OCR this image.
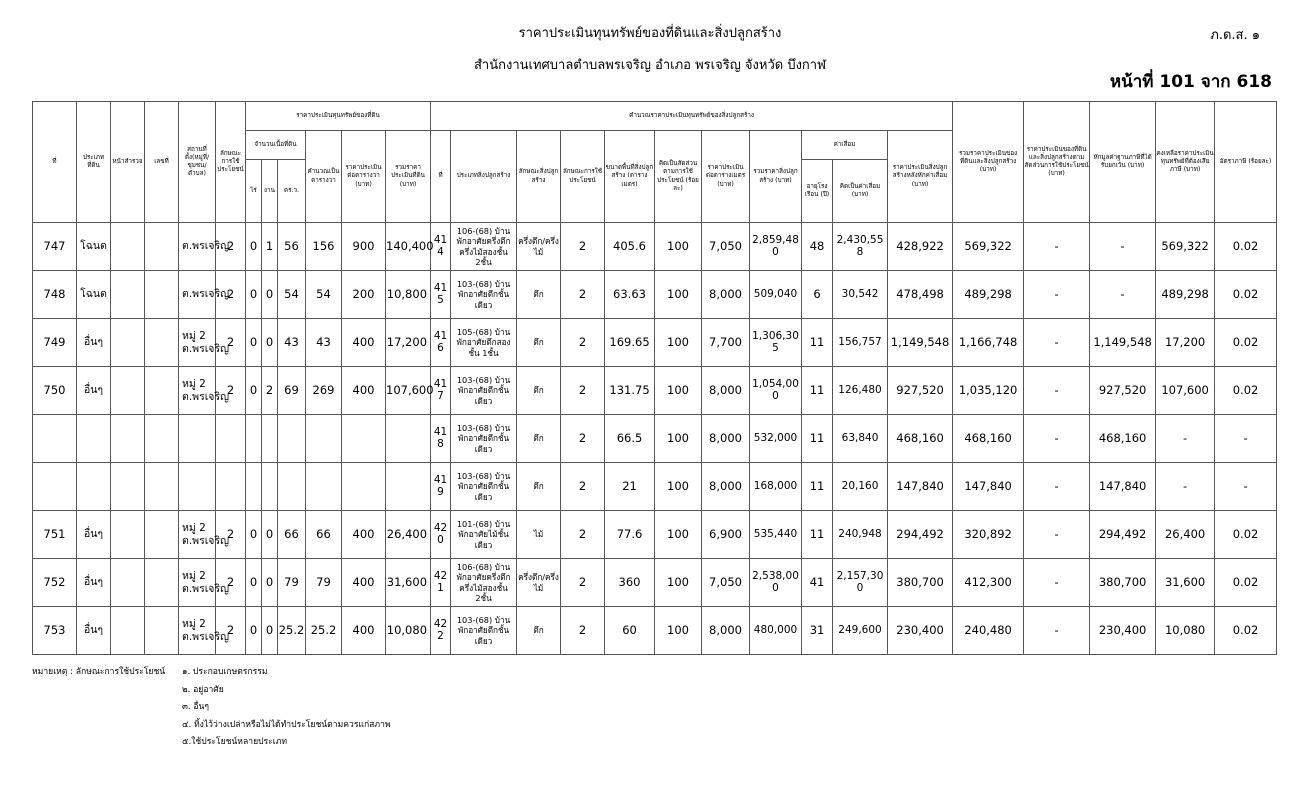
ราคาประเมินทุนทรัพย์ของที่ดินและสิ่งปลูกสร้าง	ภ.ด.ส. ๑
สำนักงานเทศบาลตำบลพรเจริญ อำเภอ พรเจริญ จังหวัด บึงกาฬ
หน้าที่ 101 จาก 618
ที่	ประเภทที่ดิน	หน้าสำรวจ	เลขที่	สถานที่ตั้ง(หมู่ที่/ชุมชน/ตำบล)	ลักษณะการใช้ประโยชน์	ราคาประเมินทุนทรัพย์ของที่ดิน						คำนวณราคาประเมินทุนทรัพย์ของสิ่งปลูกสร้าง											รวมราคาประเมินของที่ดินและสิ่งปลูกสร้าง (บาท)	ราคาประเมินของที่ดินและสิ่งปลูกสร้างตามสัดส่วนการใช้ประโยชน์ (บาท)	หักมูลค่าฐานภาษีที่ได้รับยกเว้น (บาท)	คงเหลือราคาประเมินทุนทรัพย์ที่ต้องเสียภาษี (บาท)	อัตราภาษี (ร้อยละ)
						จำนวนเนื้อที่ดิน			คำนวณเป็นตารางวา	ราคาประเมินต่อตารางวา (บาท)	รวมราคาประเมินที่ดิน (บาท)	ที่	ประเภทสิ่งปลูกสร้าง	ลักษณะสิ่งปลูกสร้าง	ลักษณะการใช้ประโยชน์	ขนาดพื้นที่สิ่งปลูกสร้าง (ตารางเมตร)	คิดเป็นสัดส่วนตามการใช้ประโยชน์ (ร้อยละ)	ราคาประเมินต่อตารางเมตร (บาท)	รวมราคาสิ่งปลูกสร้าง (บาท)	ค่าเสื่อม		ราคาประเมินสิ่งปลูกสร้างหลังหักค่าเสื่อม (บาท)					
						ไร่	งาน	ตร.ว.												อายุโรงเรือน (ปี)	คิดเป็นค่าเสื่อม (บาท)						
747	โฉนด			ต.พรเจริญ	2	0	1	56	156	900	140,400	414	106-(68) บ้านพักอาศัยครึ่งตึกครึ่งไม้สองชั้น 2ชั้น	ครึ่งตึก/ครึ่งไม้	2	405.6	100	7,050	2,859,480	48	2,430,558	428,922	569,322	-	-	569,322	0.02
748	โฉนด			ต.พรเจริญ	2	0	0	54	54	200	10,800	415	103-(68) บ้านพักอาศัยตึกชั้นเดียว	ตึก	2	63.63	100	8,000	509,040	6	30,542	478,498	489,298	-	-	489,298	0.02
749	อื่นๆ			หมู่ 2 ต.พรเจริญ	2	0	0	43	43	400	17,200	416	105-(68) บ้านพักอาศัยตึกสองชั้น 1ชั้น	ตึก	2	169.65	100	7,700	1,306,305	11	156,757	1,149,548	1,166,748	-	1,149,548	17,200	0.02
750	อื่นๆ			หมู่ 2 ต.พรเจริญ	2	0	2	69	269	400	107,600	417	103-(68) บ้านพักอาศัยตึกชั้นเดียว	ตึก	2	131.75	100	8,000	1,054,000	11	126,480	927,520	1,035,120	-	927,520	107,600	0.02
												418	103-(68) บ้านพักอาศัยตึกชั้นเดียว	ตึก	2	66.5	100	8,000	532,000	11	63,840	468,160	468,160	-	468,160	-	-
												419	103-(68) บ้านพักอาศัยตึกชั้นเดียว	ตึก	2	21	100	8,000	168,000	11	20,160	147,840	147,840	-	147,840	-	-
751	อื่นๆ			หมู่ 2 ต.พรเจริญ	2	0	0	66	66	400	26,400	420	101-(68) บ้านพักอาศัยไม้ชั้นเดียว	ไม้	2	77.6	100	6,900	535,440	11	240,948	294,492	320,892	-	294,492	26,400	0.02
752	อื่นๆ			หมู่ 2 ต.พรเจริญ	2	0	0	79	79	400	31,600	421	106-(68) บ้านพักอาศัยครึ่งตึกครึ่งไม้สองชั้น 2ชั้น	ครึ่งตึก/ครึ่งไม้	2	360	100	7,050	2,538,000	41	2,157,300	380,700	412,300	-	380,700	31,600	0.02
753	อื่นๆ			หมู่ 2 ต.พรเจริญ	2	0	0	25.2	25.2	400	10,080	422	103-(68) บ้านพักอาศัยตึกชั้นเดียว	ตึก	2	60	100	8,000	480,000	31	249,600	230,400	240,480	-	230,400	10,080	0.02
หมายเหตุ : ลักษณะการใช้ประโยชน์ ๑. ประกอบเกษตรกรรม
๒. อยู่อาศัย
๓. อื่นๆ
๔. ทิ้งไว้ว่างเปล่าหรือไม่ได้ทำประโยชน์ตามควรแก่สภาพ
๕.ใช้ประโยชน์หลายประเภท
